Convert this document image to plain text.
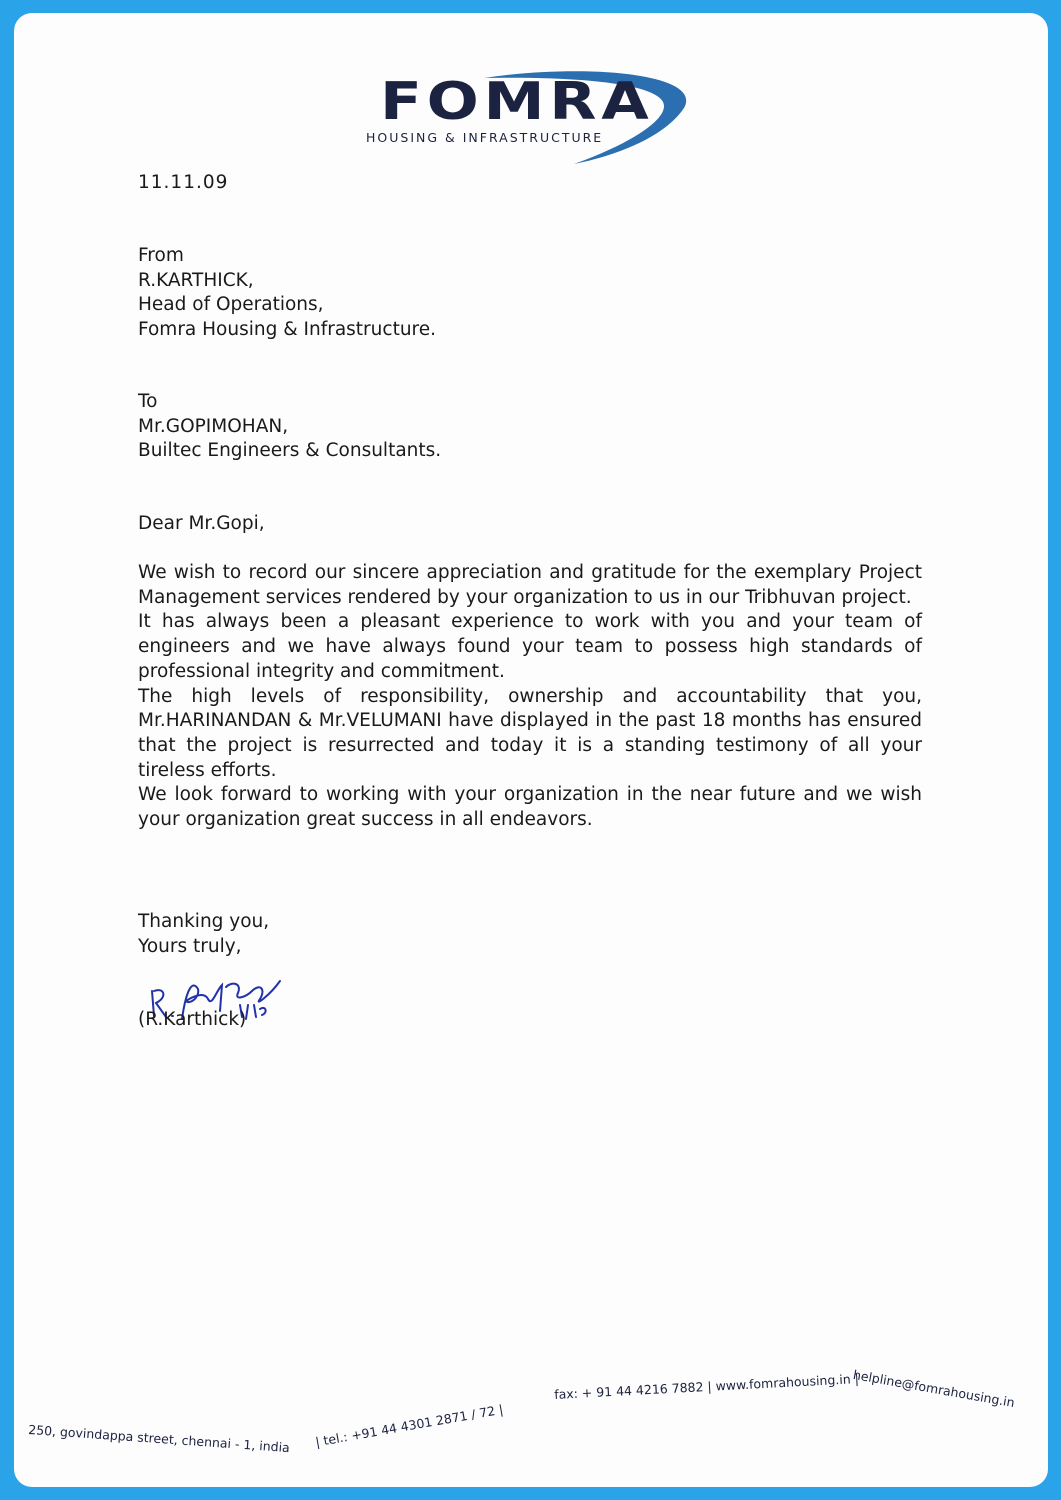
FOMRA
HOUSING & INFRASTRUCTURE
11.11.09
From
R.KARTHICK,
Head of Operations,
Fomra Housing & Infrastructure.
To
Mr.GOPIMOHAN,
Builtec Engineers & Consultants.
Dear Mr.Gopi,

We wish to record our sincere appreciation and gratitude for the exemplary Project Management services rendered by your organization to us in our Tribhuvan project.

It has always been a pleasant experience to work with you and your team of engineers and we have always found your team to possess high standards of professional integrity and commitment.

The high levels of responsibility, ownership and accountability that you, Mr.HARINANDAN & Mr.VELUMANI have displayed in the past 18 months has ensured that the project is resurrected and today it is a standing testimony of all your tireless efforts.

We look forward to working with your organization in the near future and we wish your organization great success in all endeavors.

Thanking you,
Yours truly,
(R.Karthick)
250, govindappa street, chennai - 1, india | tel.: +91 44 4301 2871 / 72 |
fax: + 91 44 4216 7882 | www.fomrahousing.in |
helpline@fomrahousing.in
